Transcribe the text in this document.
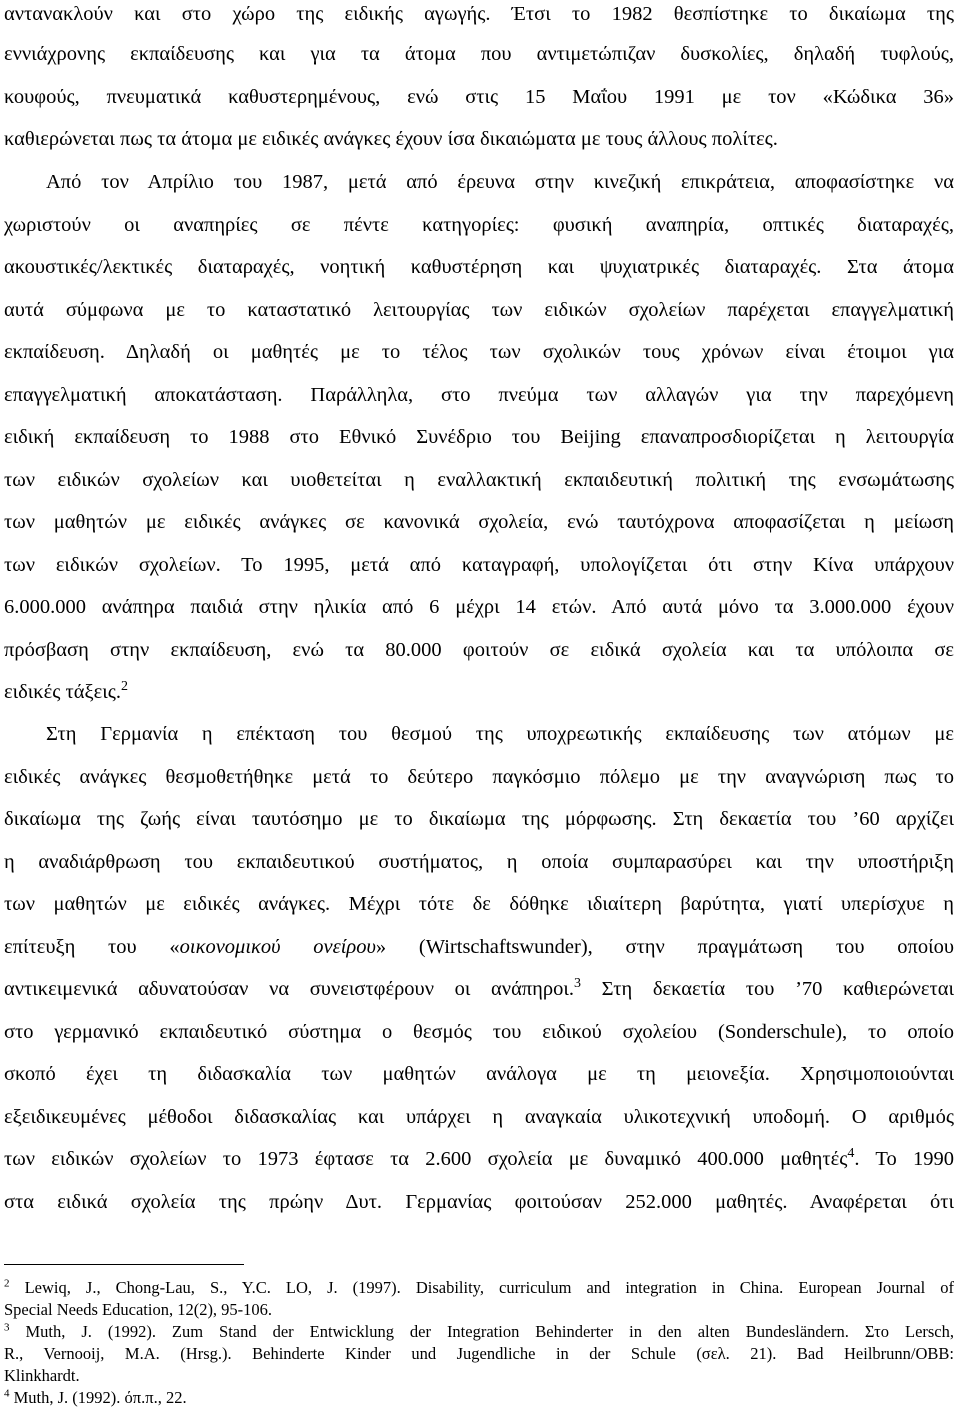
αντανακλούν και στο χώρο της ειδικής αγωγής. Έτσι το 1982 θεσπίστηκε το δικαίωμα της
εννιάχρονης εκπαίδευσης και για τα άτομα που αντιμετώπιζαν δυσκολίες, δηλαδή τυφλούς,
κουφούς, πνευματικά καθυστερημένους, ενώ στις 15 Μαΐου 1991 με τον «Κώδικα 36»
καθιερώνεται πως τα άτομα με ειδικές ανάγκες έχουν ίσα δικαιώματα με τους άλλους πολίτες.
Από τον Απρίλιο του 1987, μετά από έρευνα στην κινεζική επικράτεια, αποφασίστηκε να
χωριστούν οι αναπηρίες σε πέντε κατηγορίες: φυσική αναπηρία, οπτικές διαταραχές,
ακουστικές/λεκτικές διαταραχές, νοητική καθυστέρηση και ψυχιατρικές διαταραχές. Στα άτομα
αυτά σύμφωνα με το καταστατικό λειτουργίας των ειδικών σχολείων παρέχεται επαγγελματική
εκπαίδευση. Δηλαδή οι μαθητές με το τέλος των σχολικών τους χρόνων είναι έτοιμοι για
επαγγελματική αποκατάσταση. Παράλληλα, στο πνεύμα των αλλαγών για την παρεχόμενη
ειδική εκπαίδευση το 1988 στο Εθνικό Συνέδριο του Beijing επαναπροσδιορίζεται η λειτουργία
των ειδικών σχολείων και υιοθετείται η εναλλακτική εκπαιδευτική πολιτική της ενσωμάτωσης
των μαθητών με ειδικές ανάγκες σε κανονικά σχολεία, ενώ ταυτόχρονα αποφασίζεται η μείωση
των ειδικών σχολείων. Το 1995, μετά από καταγραφή, υπολογίζεται ότι στην Κίνα υπάρχουν
6.000.000 ανάπηρα παιδιά στην ηλικία από 6 μέχρι 14 ετών. Από αυτά μόνο τα 3.000.000 έχουν
πρόσβαση στην εκπαίδευση, ενώ τα 80.000 φοιτούν σε ειδικά σχολεία και τα υπόλοιπα σε
ειδικές τάξεις.$^2$
Στη Γερμανία η επέκταση του θεσμού της υποχρεωτικής εκπαίδευσης των ατόμων με
ειδικές ανάγκες θεσμοθετήθηκε μετά το δεύτερο παγκόσμιο πόλεμο με την αναγνώριση πως το
δικαίωμα της ζωής είναι ταυτόσημο με το δικαίωμα της μόρφωσης. Στη δεκαετία του ’60 αρχίζει
η αναδιάρθρωση του εκπαιδευτικού συστήματος, η οποία συμπαρασύρει και την υποστήριξη
των μαθητών με ειδικές ανάγκες. Μέχρι τότε δε δόθηκε ιδιαίτερη βαρύτητα, γιατί υπερίσχυε η
επίτευξη του «οικονομικού ονείρου» (Wirtschaftswunder), στην πραγμάτωση του οποίου
αντικειμενικά αδυνατούσαν να συνειστφέρουν οι ανάπηροι.$^3$ Στη δεκαετία του ’70 καθιερώνεται
στο γερμανικό εκπαιδευτικό σύστημα ο θεσμός του ειδικού σχολείου (Sonderschule), το οποίο
σκοπό έχει τη διδασκαλία των μαθητών ανάλογα με τη μειονεξία. Χρησιμοποιούνται
εξειδικευμένες μέθοδοι διδασκαλίας και υπάρχει η αναγκαία υλικοτεχνική υποδομή. Ο αριθμός
των ειδικών σχολείων το 1973 έφτασε τα 2.600 σχολεία με δυναμικό 400.000 μαθητές$^4$. Το 1990
στα ειδικά σχολεία της πρώην Δυτ. Γερμανίας φοιτούσαν 252.000 μαθητές. Αναφέρεται ότι
$^2$ Lewiq, J., Chong-Lau, S., Y.C. LO, J. (1997). Disability, curriculum and integration in China. European Journal of
Special Needs Education, 12(2), 95-106.
$^3$ Muth, J. (1992). Zum Stand der Entwicklung der Integration Behinderter in den alten Bundesländern. Στο Lersch,
R., Vernooij, M.A. (Hrsg.). Behinderte Kinder und Jugendliche in der Schule (σελ. 21). Bad Heilbrunn/OBB:
Klinkhardt.
$^4$ Muth, J. (1992). όπ.π., 22.
